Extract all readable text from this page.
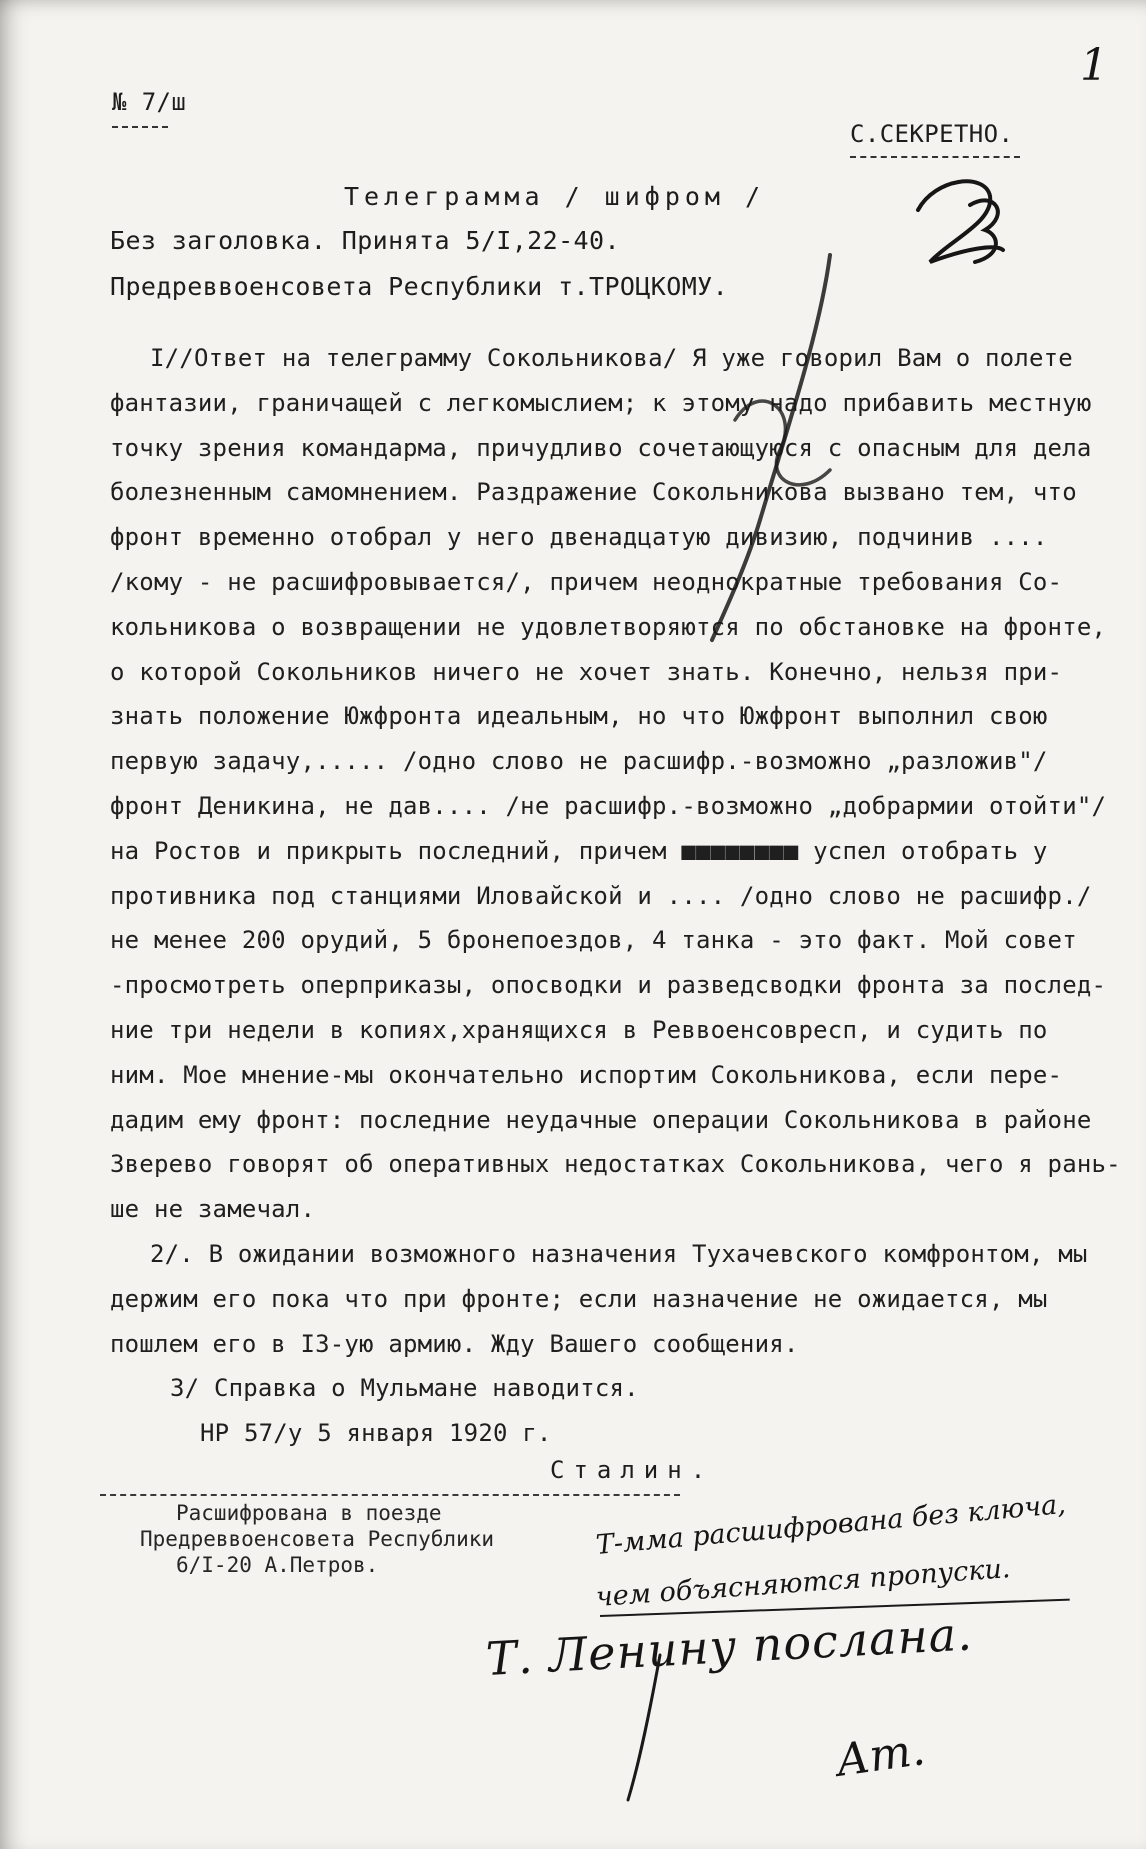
1
№ 7/ш
С.СЕКРЕТНО.
Телеграмма / шифром /
Без заголовка. Принята 5/I,22-40.
Предреввоенсовета Республики т.ТРОЦКОМУ.
I//Ответ на телеграмму Сокольникова/ Я уже говорил Вам о полете
фантазии, граничащей с легкомыслием; к этому надо прибавить местную
точку зрения командарма, причудливо сочетающуюся с опасным для дела
болезненным самомнением. Раздражение Сокольникова вызвано тем, что
фронт временно отобрал у него двенадцатую дивизию, подчинив ....
/кому - не расшифровывается/, причем неоднократные требования Со-
кольникова о возвращении не удовлетворяются по обстановке на фронте,
о которой Сокольников ничего не хочет знать. Конечно, нельзя при-
знать положение Южфронта идеальным, но что Южфронт выполнил свою
первую задачу,..... /одно слово не расшифр.-возможно „разложив"/
фронт Деникина, не дав.... /не расшифр.-возможно „добрармии отойти"/
на Ростов и прикрыть последний, причем ■■■■■■■■ успел отобрать у
противника под станциями Иловайской и .... /одно слово не расшифр./
не менее 200 орудий, 5 бронепоездов, 4 танка - это факт. Мой совет
-просмотреть оперприказы, опосводки и разведсводки фронта за послед-
ние три недели в копиях,хранящихся в Реввоенсовресп, и судить по
ним. Мое мнение-мы окончательно испортим Сокольникова, если пере-
дадим ему фронт: последние неудачные операции Сокольникова в районе
Зверево говорят об оперативных недостатках Сокольникова, чего я рань-
ше не замечал.
2/. В ожидании возможного назначения Тухачевского комфронтом, мы
держим его пока что при фронте; если назначение не ожидается, мы
пошлем его в I3-ую армию. Жду Вашего сообщения.
3/ Справка о Мульмане наводится.
НР 57/у 5 января 1920 г.
Сталин.
Расшифрована в поезде
Предреввоенсовета Республики
6/I-20 А.Петров.
Т-мма расшифрована без ключа,
чем объясняются пропуски.
Т. Ленину послана.
Ат.
